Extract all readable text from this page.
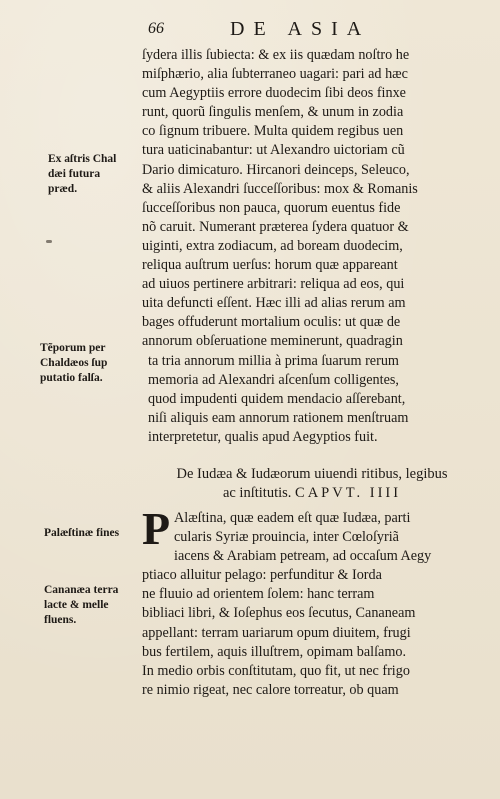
66	DE ASIA
Ex aſtris Chal
dæi futura
præd.
Tẽporum per
Chaldæos ſup
putatio falſa.
Palæſtinæ fines
Cananæa terra
lacte & melle
fluens.
ſydera illis ſubiecta: & ex iis quædam noſtro he
miſphærio, alia ſubterraneo uagari: pari ad hæc
cum Aegyptiis errore duodecim ſibi deos finxe
runt, quorũ ſingulis menſem, & unum in zodia
co ſignum tribuere. Multa quidem regibus uen
tura uaticinabantur: ut Alexandro uictoriam cũ
Dario dimicaturo. Hircanori deinceps, Seleuco,
& aliis Alexandri ſucceſſoribus: mox & Romanis
ſucceſſoribus non pauca, quorum euentus fide
nõ caruit. Numerant præterea ſydera quatuor &
uiginti, extra zodiacum, ad boream duodecim,
reliqua auſtrum uerſus: horum quæ appareant
ad uiuos pertinere arbitrari: reliqua ad eos, qui
uita defuncti eſſent. Hæc illi ad alias rerum am
bages offuderunt mortalium oculis: ut quæ de
annorum obſeruatione meminerunt, quadragin
ta tria annorum millia à prima ſuarum rerum
memoria ad Alexandri aſcenſum colligentes,
quod impudenti quidem mendacio aſſerebant,
niſi aliquis eam annorum rationem menſtruam
interpretetur, qualis apud Aegyptios fuit.
De Iudæa & Iudæorum uiuendi ritibus, legibus
ac inſtitutis. CAPVT. IIII
P Alæſtina, quæ eadem eſt quæ Iudæa, parti
cularis Syriæ prouincia, inter Cœloſyriã
iacens & Arabiam petream, ad occaſum Aegy
ptiaco alluitur pelago: perfunditur & Iorda
ne fluuio ad orientem ſolem: hanc terram
bibliaci libri, & Ioſephus eos ſecutus, Cananeam
appellant: terram uariarum opum diuitem, frugi
bus fertilem, aquis illuſtrem, opimam balſamo.
In medio orbis conſtitutam, quo fit, ut nec frigo
re nimio rigeat, nec calore torreatur, ob quam
